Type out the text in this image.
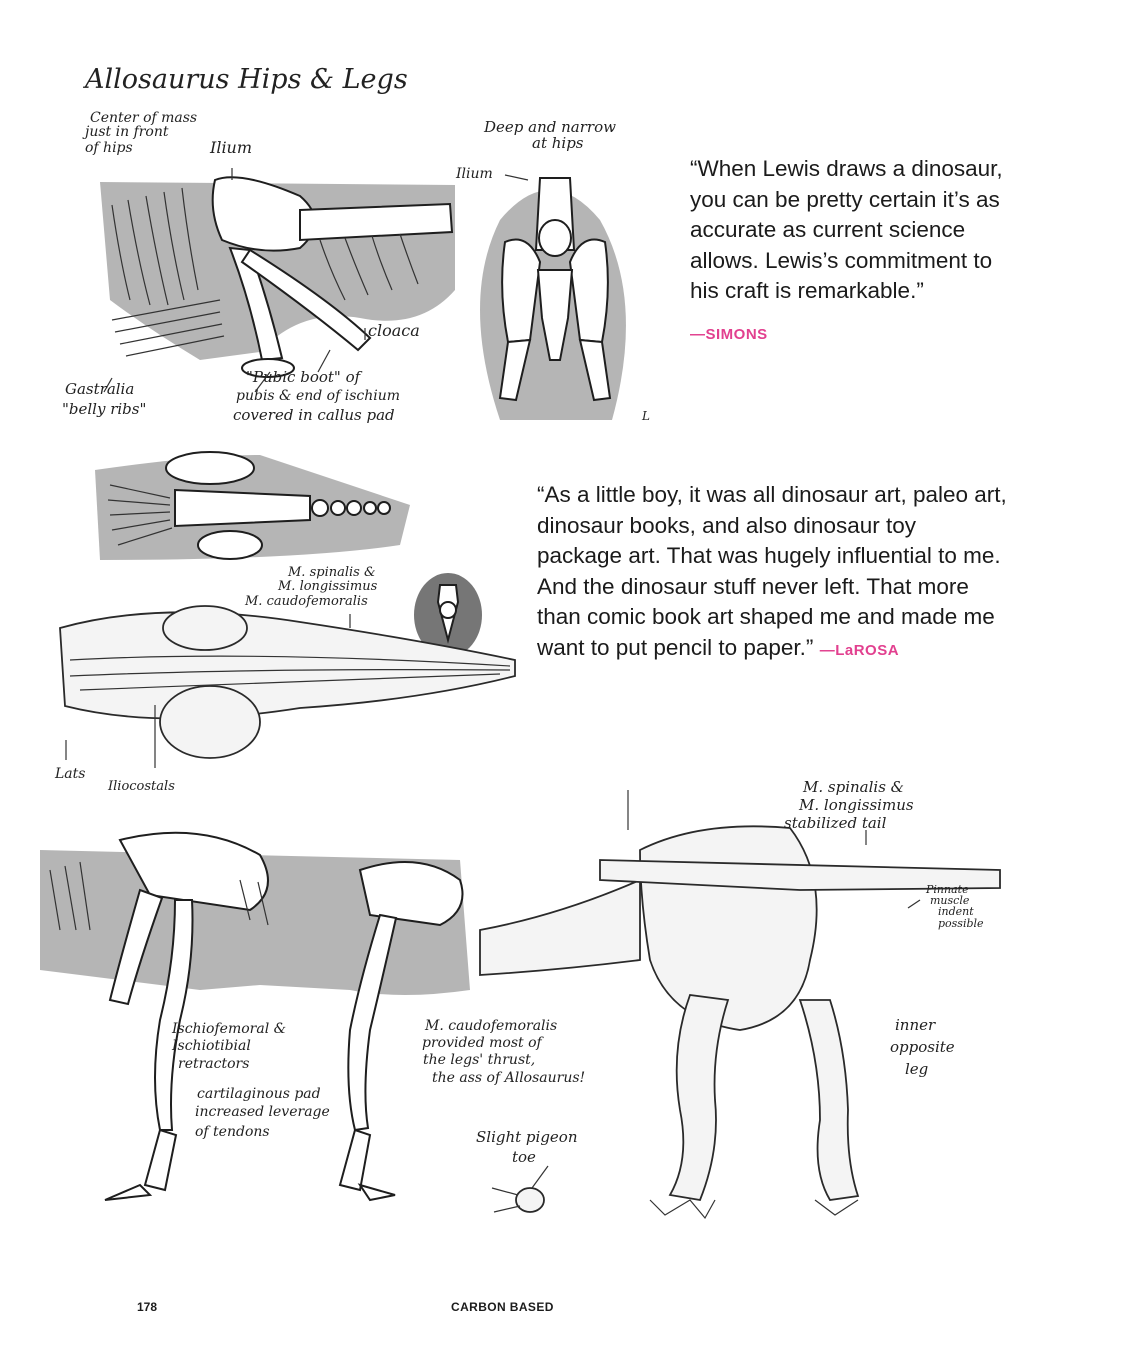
Allosaurus Hips & Legs
Center of mass
just in front
of hips	Ilium
cloaca
Gastralia
"belly ribs"
"Pubic boot" of
pubis & end of ischium
covered in callus pad
Deep and narrow
at hips
Ilium
L
M. spinalis &
M. longissimus
M. caudofemoralis
Lats
Iliocostals	M. spinalis &
M. longissimus
stabilized tail
Pinnate
muscle
indent
possible
Ischiofemoral &
Ischiotibial
retractors
cartilaginous pad
increased leverage
of tendons
M. caudofemoralis
provided most of
the legs' thrust,
the ass of Allosaurus!
Slight pigeon
toe
inner
opposite
leg
“When Lewis draws a dinosaur, you can be pretty certain it’s as accurate as current science allows. Lewis’s commitment to his craft is remarkable.”
—SIMONS
“As a little boy, it was all dinosaur art, paleo art, dinosaur books, and also dinosaur toy package art. That was hugely influential to me. And the dinosaur stuff never left. That more than comic book art shaped me and made me want to put pencil to paper.” —LaROSA
178	CARBON BASED
